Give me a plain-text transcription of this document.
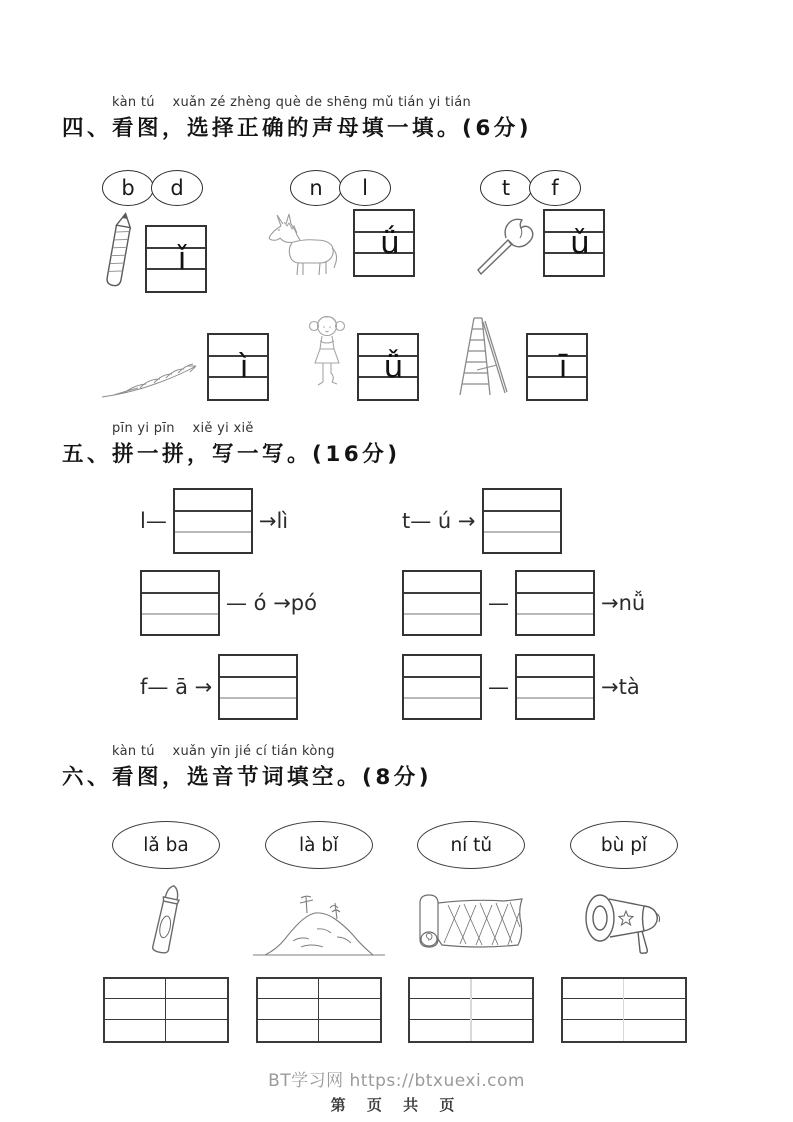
kàn tú    xuǎn zé zhèng què de shēng mǔ tián yi tián
四、看图，选择正确的声母填一填。(6分)
b d
ǐ
n l
ǘ
t f
ǔ
ì	ǚ	ī
pīn yi pīn    xiě yi xiě
五、拼一拼，写一写。(16分)
l—	→lì	t— ú →
— ó →pó	—	→nǚ
f— ā →	—	→tà
kàn tú    xuǎn yīn jié cí tián kòng
六、看图，选音节词填空。(8分)
lǎ ba	là bǐ	ní tǔ	bù pǐ
BT学习网 https://btxuexi.com
第 页 共 页
